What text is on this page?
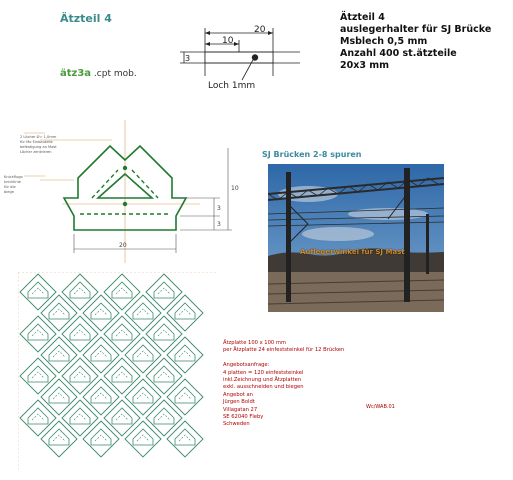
Ätzteil 4
ätz3a .cpt mob.
20
10
3
Loch 1mm
Ätzteil 4
auslegerhalter für SJ Brücke
Msblech 0,5 mm
Anzahl 400 st.ätzteile
20x3 mm
20
10
3
3
2 Löcher Ø= 1,0mm
für Mo Einbauteile
befestigung an Mast
Löcher zentrieren
Knickflugo
knicklinie
für die
biege
SJ Brücken 2-8 spuren
Auflegerwinkel für SJ Mast
Ätzplatte 100 x 100 mm
per Ätzplatte 24 einfeststeinkel für 12 Brücken

Angebotsanfrage:
4 platten = 120 einfeststeinkel
inkl.Zeichnung und Ätzplatten
exkl. ausschneiden und biegen
Angebot an
Jürgen Boldt
Villagatan 27
SE 62040 Fleby
Schweden
Wc/WAB.01
